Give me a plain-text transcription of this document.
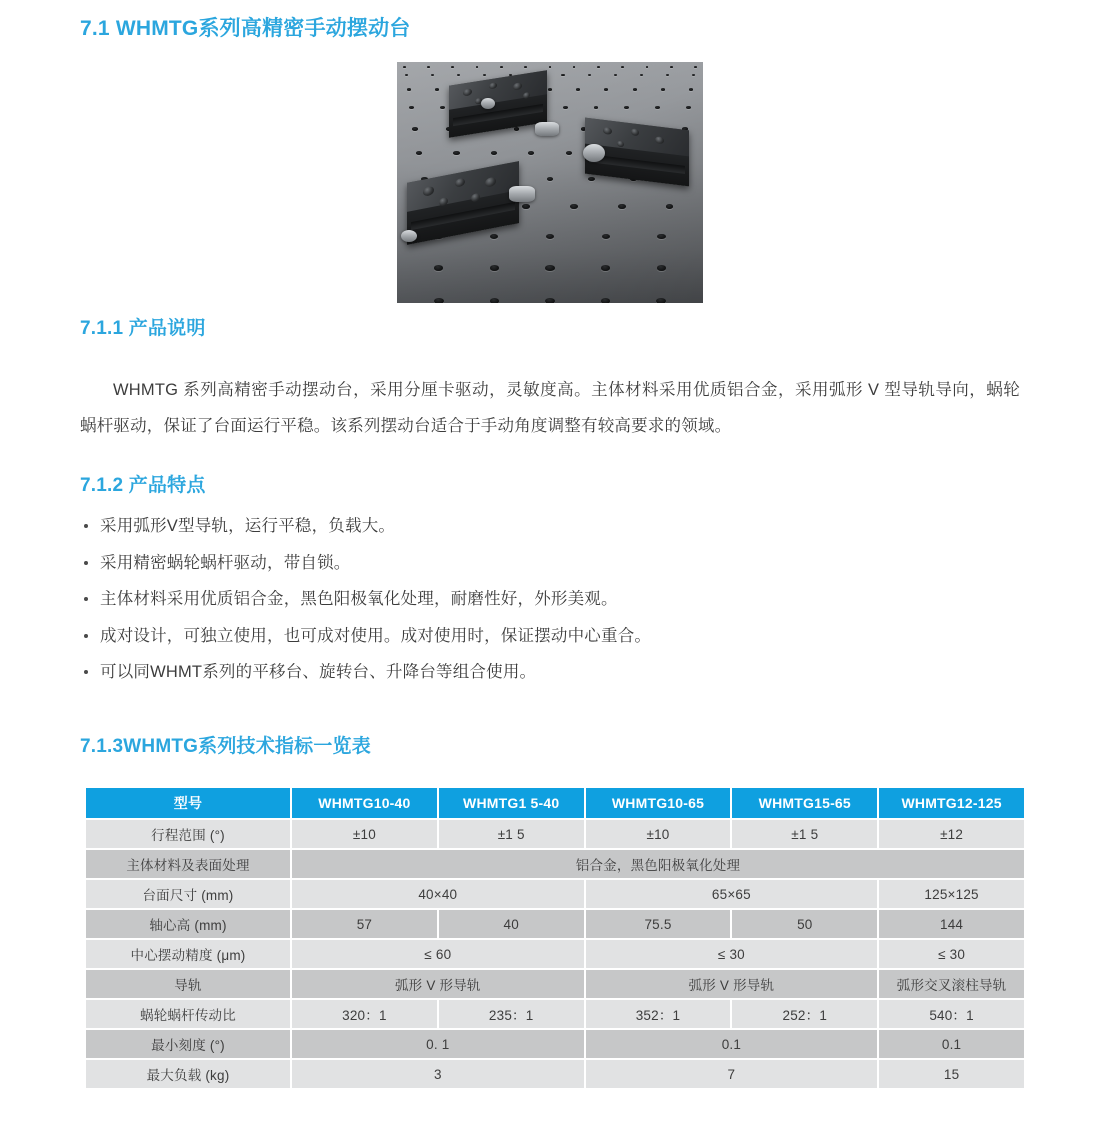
7.1 WHMTG系列高精密手动摆动台
7.1.1 产品说明

WHMTG 系列高精密手动摆动台，采用分厘卡驱动，灵敏度高。主体材料采用优质铝合金，采用弧形 V 型导轨导向，蜗轮蜗杆驱动，保证了台面运行平稳。该系列摆动台适合于手动角度调整有较高要求的领域。

7.1.2 产品特点
采用弧形V型导轨，运行平稳，负载大。
采用精密蜗轮蜗杆驱动，带自锁。
主体材料采用优质铝合金，黑色阳极氧化处理，耐磨性好，外形美观。
成对设计，可独立使用，也可成对使用。成对使用时，保证摆动中心重合。
可以同WHMT系列的平移台、旋转台、升降台等组合使用。
7.1.3WHMTG系列技术指标一览表
型号	WHMTG10-40	WHMTG1 5-40	WHMTG10-65	WHMTG15-65	WHMTG12-125
行程范围 (°)	±10	±1 5	±10	±1 5	±12
主体材料及表面处理	铝合金，黑色阳极氧化处理				
台面尺寸 (mm)	40×40		65×65		125×125
轴心高 (mm)	57	40	75.5	50	144
中心摆动精度 (μm)	≤ 60		≤ 30		≤ 30
导轨	弧形 V 形导轨		弧形 V 形导轨		弧形交叉滚柱导轨
蜗轮蜗杆传动比	320：1	235：1	352：1	252：1	540：1
最小刻度 (°)	0. 1		0.1		0.1
最大负载 (kg)	3		7		15
